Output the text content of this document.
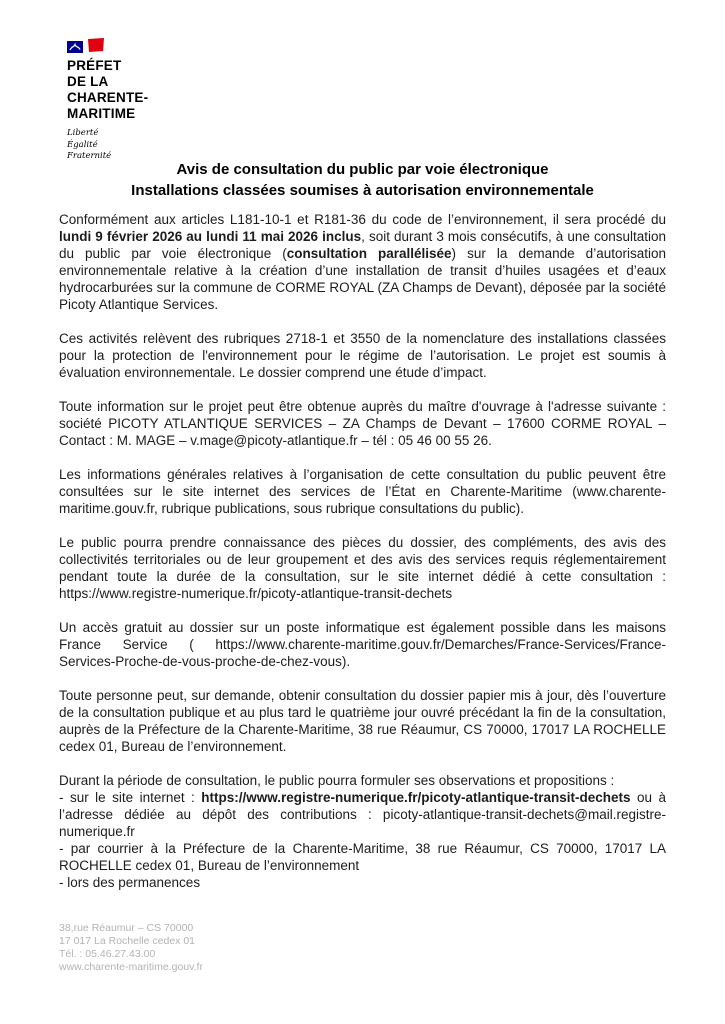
PRÉFET
DE LA
CHARENTE-
MARITIME
Liberté
Égalité
Fraternité
Avis de consultation du public par voie électronique
Installations classées soumises à autorisation environnementale

Conformément aux articles L181-10-1 et R181-36 du code de l’environnement, il sera procédé du lundi 9 février 2026 au lundi 11 mai 2026 inclus, soit durant 3 mois consécutifs, à une consultation du public par voie électronique (consultation parallélisée) sur la demande d’autorisation environnementale relative à la création d’une installation de transit d’huiles usagées et d’eaux hydrocarburées sur la commune de CORME ROYAL (ZA Champs de Devant), déposée par la société Picoty Atlantique Services.

Ces activités relèvent des rubriques 2718-1 et 3550 de la nomenclature des installations classées pour la protection de l'environnement pour le régime de l’autorisation. Le projet est soumis à évaluation environnementale. Le dossier comprend une étude d’impact.

Toute information sur le projet peut être obtenue auprès du maître d'ouvrage à l'adresse suivante : société PICOTY ATLANTIQUE SERVICES – ZA Champs de Devant – 17600 CORME ROYAL – Contact : M. MAGE – v.mage@picoty-atlantique.fr – tél : 05 46 00 55 26.

Les informations générales relatives à l’organisation de cette consultation du public peuvent être consultées sur le site internet des services de l’État en Charente-Maritime (www.charente-maritime.gouv.fr, rubrique publications, sous rubrique consultations du public).

Le public pourra prendre connaissance des pièces du dossier, des compléments, des avis des collectivités territoriales ou de leur groupement et des avis des services requis réglementairement pendant toute la durée de la consultation, sur le site internet dédié à cette consultation : https://www.registre-numerique.fr/picoty-atlantique-transit-dechets

Un accès gratuit au dossier sur un poste informatique est également possible dans les maisons France Service ( https://www.charente-maritime.gouv.fr/Demarches/France-Services/France-Services-Proche-de-vous-proche-de-chez-vous).

Toute personne peut, sur demande, obtenir consultation du dossier papier mis à jour, dès l’ouverture de la consultation publique et au plus tard le quatrième jour ouvré précédant la fin de la consultation, auprès de la Préfecture de la Charente-Maritime, 38 rue Réaumur, CS 70000, 17017 LA ROCHELLE cedex 01, Bureau de l’environnement.

Durant la période de consultation, le public pourra formuler ses observations et propositions :

- sur le site internet : https://www.registre-numerique.fr/picoty-atlantique-transit-dechets ou à l’adresse dédiée au dépôt des contributions : picoty-atlantique-transit-dechets@mail.registre-numerique.fr

- par courrier à la Préfecture de la Charente-Maritime, 38 rue Réaumur, CS 70000, 17017 LA ROCHELLE cedex 01, Bureau de l’environnement

- lors des permanences

38,rue Réaumur – CS 70000
17 017 La Rochelle cedex 01
Tél. : 05.46.27.43.00
www.charente-maritime.gouv.fr
